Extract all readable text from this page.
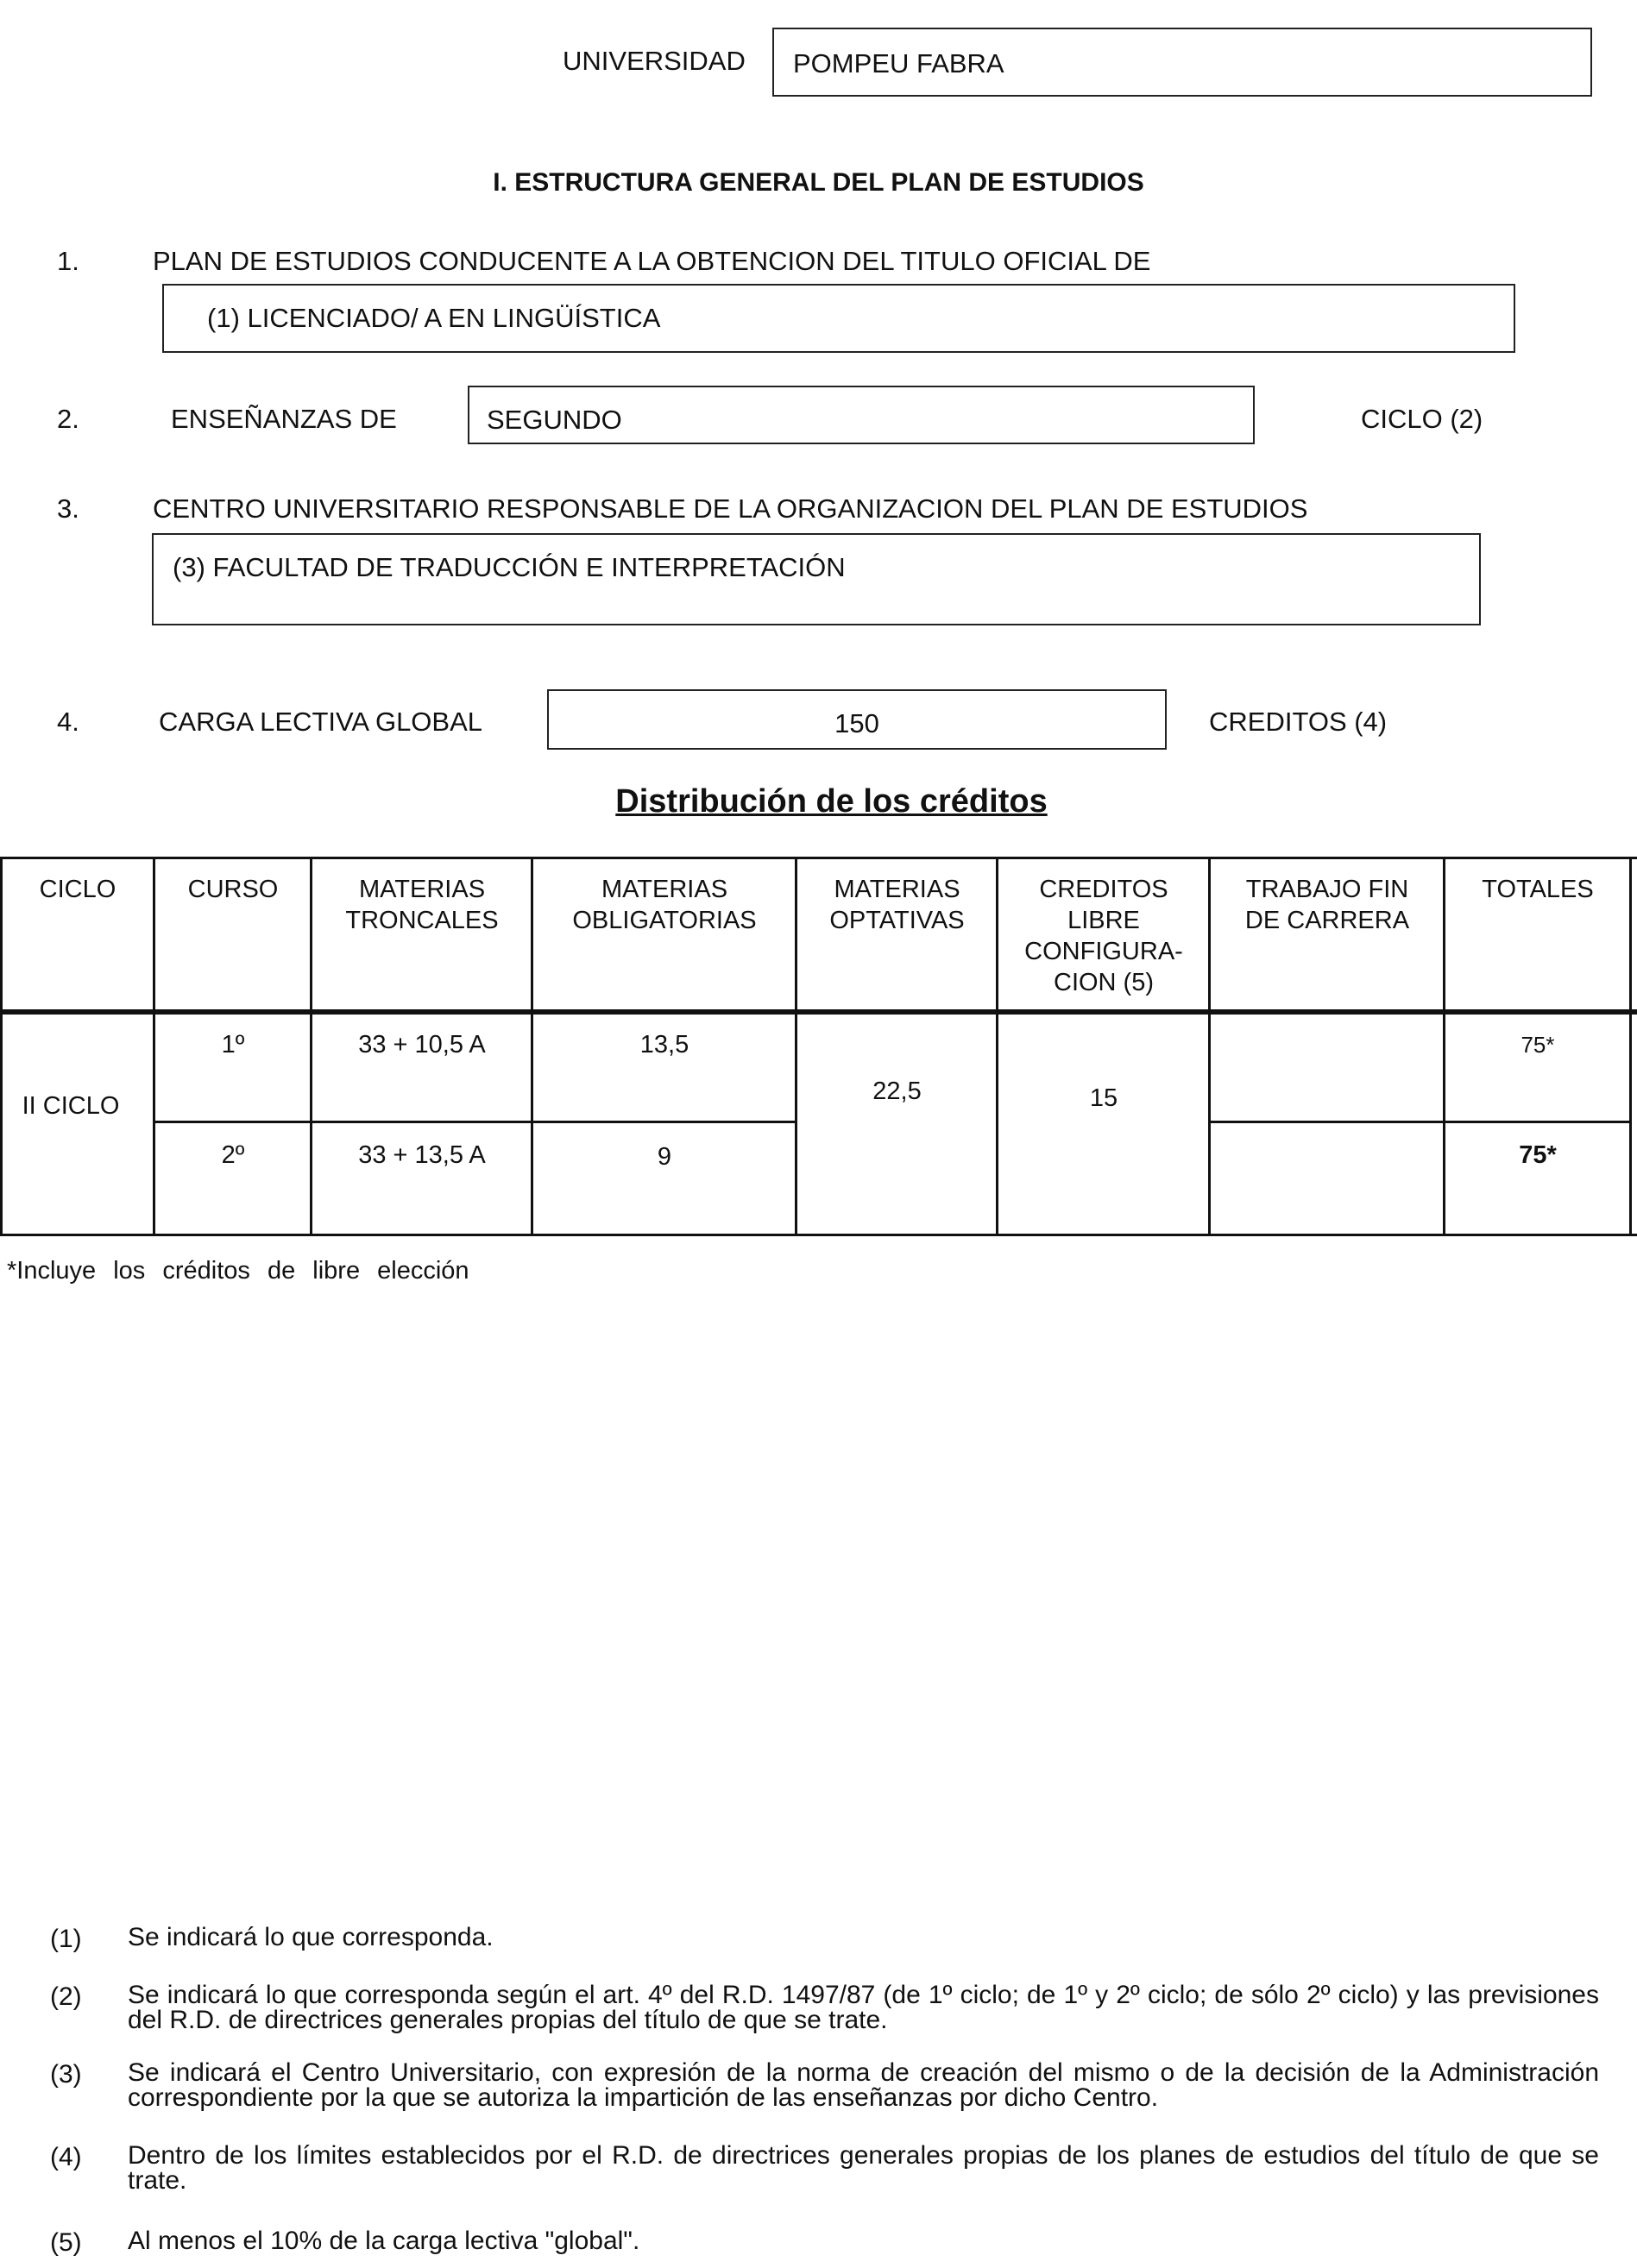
UNIVERSIDAD POMPEU FABRA
I. ESTRUCTURA GENERAL DEL PLAN DE ESTUDIOS
1.	PLAN DE ESTUDIOS CONDUCENTE A LA OBTENCION DEL TITULO OFICIAL DE
(1) LICENCIADO/ A EN LINGÜÍSTICA
2.	ENSEÑANZAS DE	SEGUNDO	CICLO (2)
3.	CENTRO UNIVERSITARIO RESPONSABLE DE LA ORGANIZACION DEL PLAN DE ESTUDIOS
(3) FACULTAD DE TRADUCCIÓN E INTERPRETACIÓN
4.	CARGA LECTIVA GLOBAL	150	CREDITOS (4)
Distribución de los créditos
CICLO	CURSO	MATERIAS
TRONCALES
MATERIAS
OBLIGATORIAS
MATERIAS
OPTATIVAS
CREDITOS
LIBRE
CONFIGURA-
CION (5)
TRABAJO FIN
DE CARRERA
TOTALES
II CICLO
22,5	15
1º	33 + 10,5 A	13,5	75*
2º	33 + 13,5 A	9	75*
*Incluye los créditos de libre elección
(1) Se indicará lo que corresponda.
(2) Se indicará lo que corresponda según el art. 4º del R.D. 1497/87 (de 1º ciclo; de 1º y 2º ciclo; de sólo 2º ciclo) y las previsiones del R.D. de directrices generales propias del título de que se trate.
(3) Se indicará el Centro Universitario, con expresión de la norma de creación del mismo o de la decisión de la Administración correspondiente por la que se autoriza la impartición de las enseñanzas por dicho Centro.
(4) Dentro de los límites establecidos por el R.D. de directrices generales propias de los planes de estudios del título de que se trate.
(5) Al menos el 10% de la carga lectiva "global".
